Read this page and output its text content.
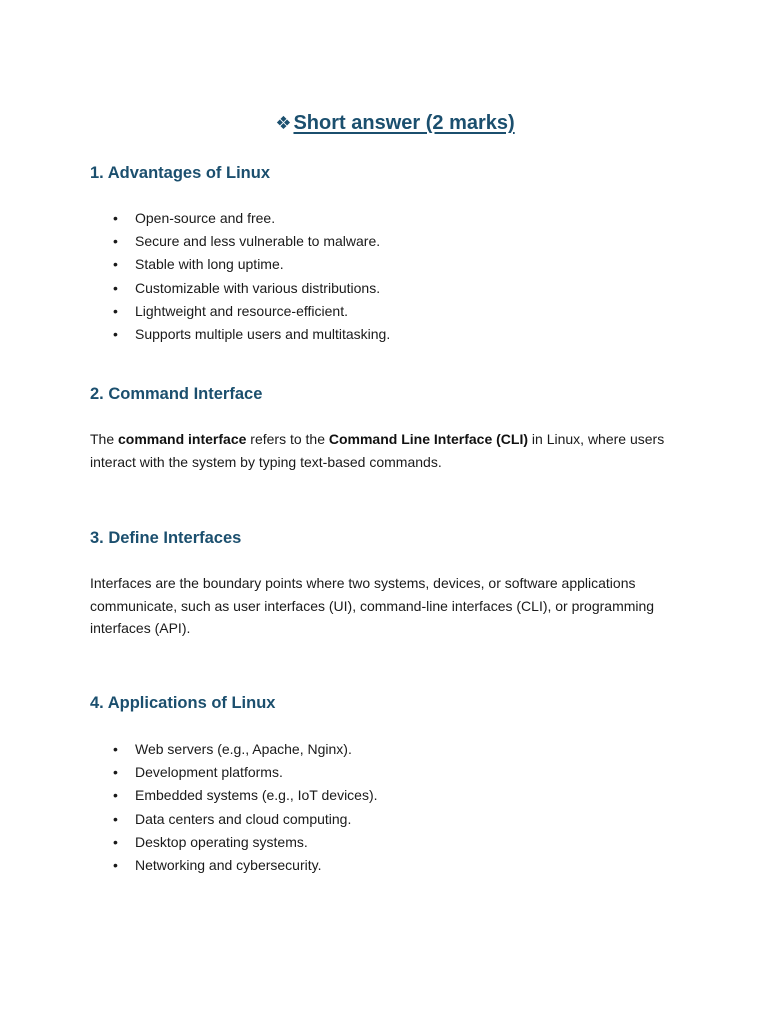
❖ Short answer (2 marks)
1. Advantages of Linux
• Open-source and free.
• Secure and less vulnerable to malware.
• Stable with long uptime.
• Customizable with various distributions.
• Lightweight and resource-efficient.
• Supports multiple users and multitasking.
2. Command Interface

The command interface refers to the Command Line Interface (CLI) in Linux, where users interact with the system by typing text-based commands.

3. Define Interfaces

Interfaces are the boundary points where two systems, devices, or software applications communicate, such as user interfaces (UI), command-line interfaces (CLI), or programming interfaces (API).

4. Applications of Linux
• Web servers (e.g., Apache, Nginx).
• Development platforms.
• Embedded systems (e.g., IoT devices).
• Data centers and cloud computing.
• Desktop operating systems.
• Networking and cybersecurity.
